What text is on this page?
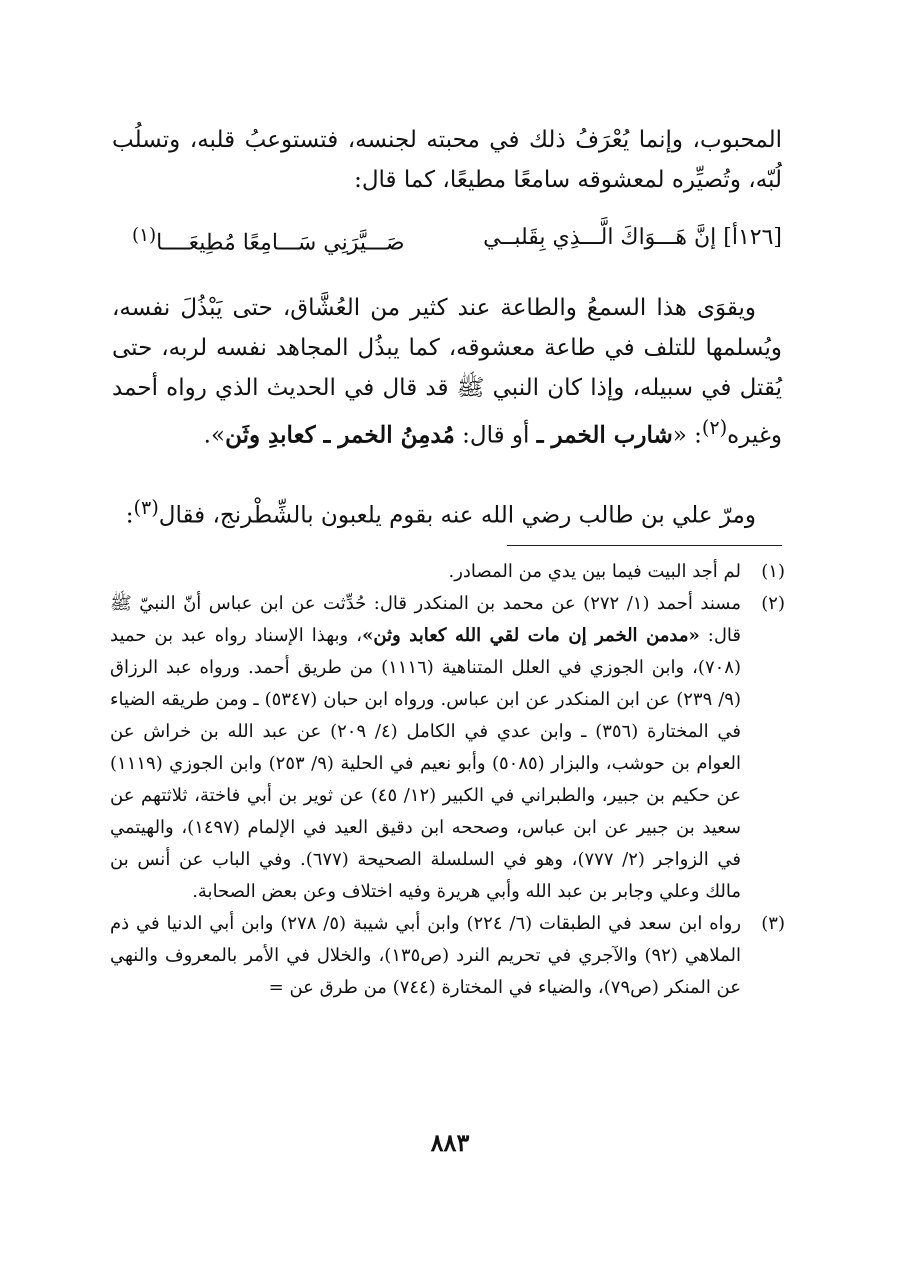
المحبوب، وإنما يُعْرَفُ ذلك في محبته لجنسه، فتستوعبُ قلبه، وتسلُب لُبّه، وتُصيِّره لمعشوقه سامعًا مطيعًا، كما قال:
[١٢٦أ] إنَّ هَـــوَاكَ الَّـــذِي بِقَلبــي
صَـــيَّرَنِي سَـــامِعًا مُطِيعَــــا$^{(١)}$
ويقوَى هذا السمعُ والطاعة عند كثير من العُشَّاق، حتى يَبْذُلَ نفسه، ويُسلمها للتلف في طاعة معشوقه، كما يبذُل المجاهد نفسه لربه، حتى يُقتل في سبيله، وإذا كان النبي ﷺ قد قال في الحديث الذي رواه أحمد وغيره$^{(٢)}$: «شارب الخمر ـ أو قال: مُدمِنُ الخمر ـ كعابدِ وثَن».
ومرّ علي بن طالب رضي الله عنه بقوم يلعبون بالشِّطْرنج، فقال$^{(٣)}$:
(١)
لم أجد البيت فيما بين يدي من المصادر.
(٢)
مسند أحمد (١/ ٢٧٢) عن محمد بن المنكدر قال: حُدِّثت عن ابن عباس أنّ النبيّ ﷺ قال: «مدمن الخمر إن مات لقي الله كعابد وثن»، وبهذا الإسناد رواه عبد بن حميد (٧٠٨)، وابن الجوزي في العلل المتناهية (١١١٦) من طريق أحمد. ورواه عبد الرزاق (٩/ ٢٣٩) عن ابن المنكدر عن ابن عباس. ورواه ابن حبان (٥٣٤٧) ـ ومن طريقه الضياء في المختارة (٣٥٦) ـ وابن عدي في الكامل (٤/ ٢٠٩) عن عبد الله بن خراش عن العوام بن حوشب، والبزار (٥٠٨٥) وأبو نعيم في الحلية (٩/ ٢٥٣) وابن الجوزي (١١١٩) عن حكيم بن جبير، والطبراني في الكبير (١٢/ ٤٥) عن ثوير بن أبي فاختة، ثلاثتهم عن سعيد بن جبير عن ابن عباس، وصححه ابن دقيق العيد في الإلمام (١٤٩٧)، والهيتمي في الزواجر (٢/ ٧٧٧)، وهو في السلسلة الصحيحة (٦٧٧). وفي الباب عن أنس بن مالك وعلي وجابر بن عبد الله وأبي هريرة وفيه اختلاف وعن بعض الصحابة.
(٣)
رواه ابن سعد في الطبقات (٦/ ٢٢٤) وابن أبي شيبة (٥/ ٢٧٨) وابن أبي الدنيا في ذم الملاهي (٩٢) والآجري في تحريم النرد (ص١٣٥)، والخلال في الأمر بالمعروف والنهي عن المنكر (ص٧٩)، والضياء في المختارة (٧٤٤) من طرق عن =
٨٨٣
